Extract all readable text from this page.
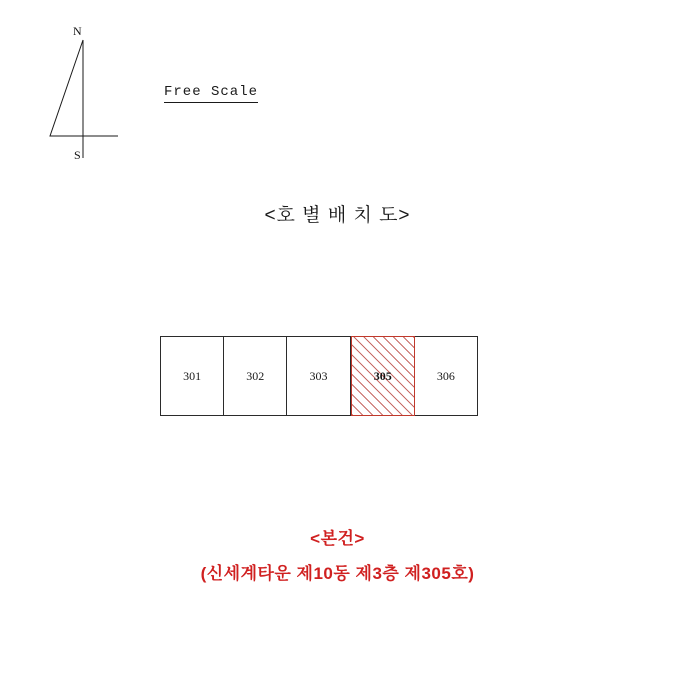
N
S
Free Scale
<호 별 배 치 도>
301	302	303	305	306
<본건>
(신세계타운 제10동 제3층 제305호)
